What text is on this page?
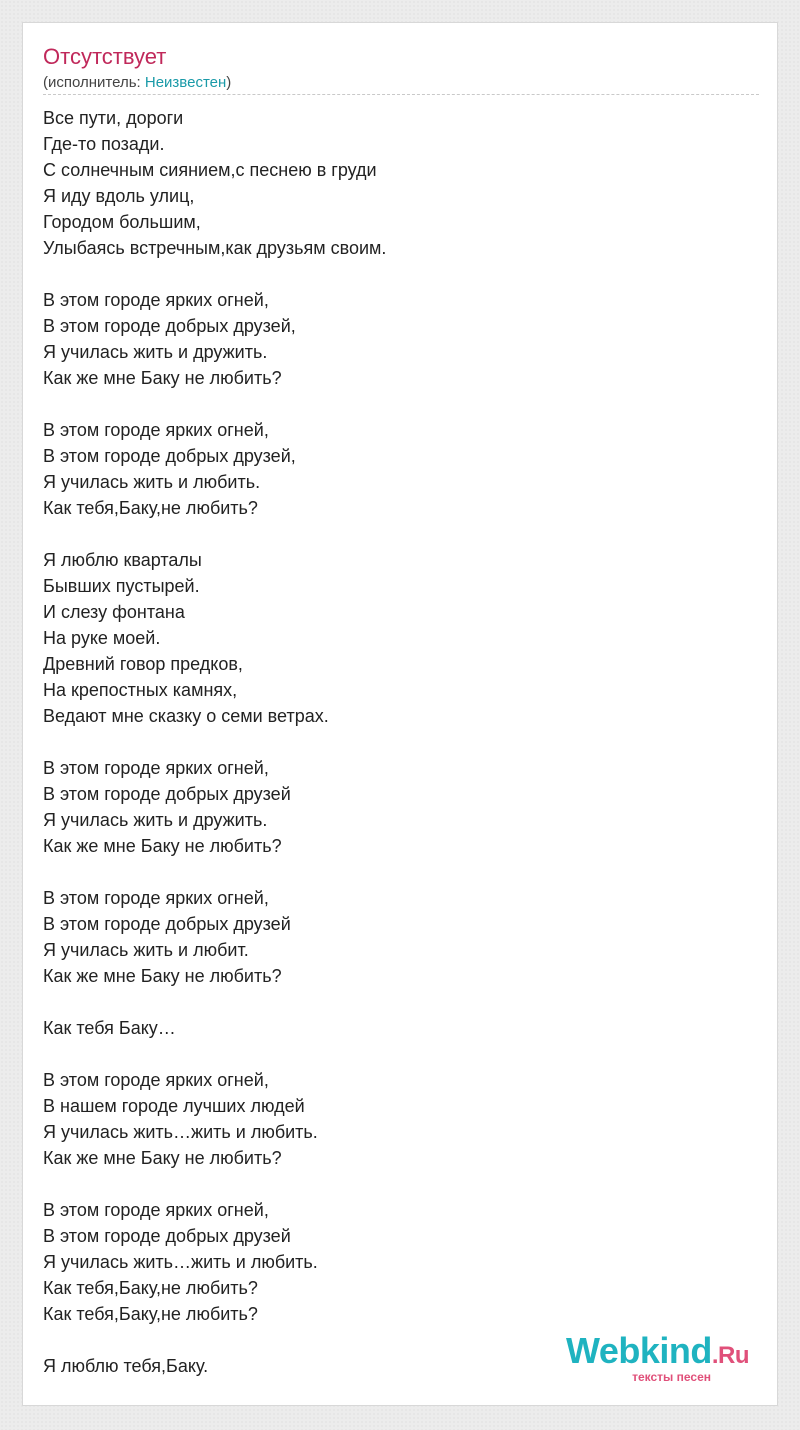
Отсутствует
(исполнитель: Неизвестен)
Все пути, дороги
Где-то позади.
С солнечным сиянием,с песнею в груди
Я иду вдоль улиц,
Городом большим,
Улыбаясь встречным,как друзьям своим.
В этом городе ярких огней,
В этом городе добрых друзей,
Я училась жить и дружить.
Как же мне Баку не любить?
В этом городе ярких огней,
В этом городе добрых друзей,
Я училась жить и любить.
Как тебя,Баку,не любить?
Я люблю кварталы
Бывших пустырей.
И слезу фонтана
На руке моей.
Древний говор предков,
На крепостных камнях,
Ведают мне сказку о семи ветрах.
В этом городе ярких огней,
В этом городе добрых друзей
Я училась жить и дружить.
Как же мне Баку не любить?
В этом городе ярких огней,
В этом городе добрых друзей
Я училась жить и любит.
Как же мне Баку не любить?
Как тебя Баку…
В этом городе ярких огней,
В нашем городе лучших людей
Я училась жить…жить и любить.
Как же мне Баку не любить?
В этом городе ярких огней,
В этом городе добрых друзей
Я училась жить…жить и любить.
Как тебя,Баку,не любить?
Как тебя,Баку,не любить?
Я люблю тебя,Баку.	Webkind.Ru
тексты песен
